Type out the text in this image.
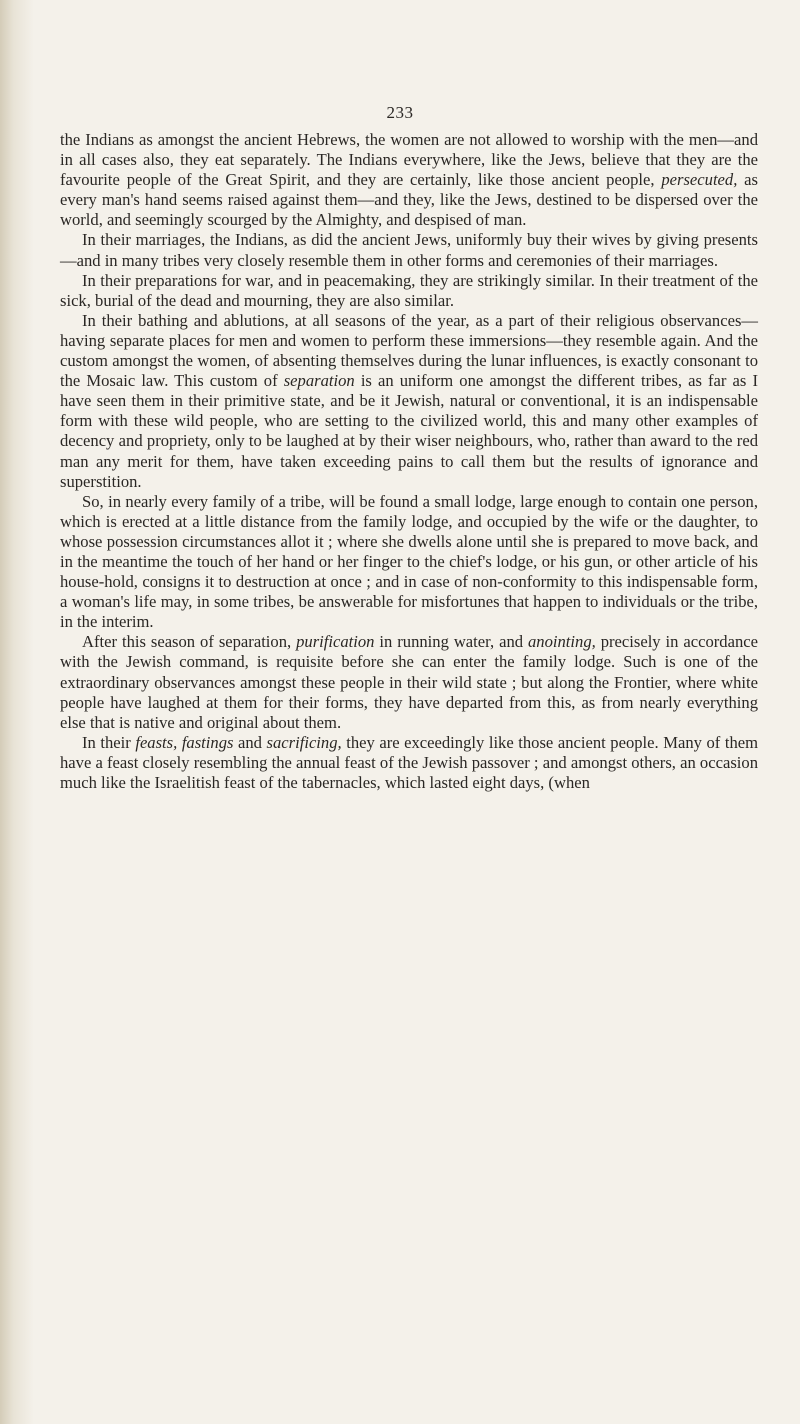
233

the Indians as amongst the ancient Hebrews, the women are not allowed to worship with the men—and in all cases also, they eat separately. The Indians everywhere, like the Jews, believe that they are the favourite people of the Great Spirit, and they are certainly, like those ancient people, persecuted, as every man's hand seems raised against them—and they, like the Jews, destined to be dispersed over the world, and seemingly scourged by the Almighty, and despised of man.

In their marriages, the Indians, as did the ancient Jews, uniformly buy their wives by giving presents—and in many tribes very closely resemble them in other forms and ceremonies of their marriages.

In their preparations for war, and in peacemaking, they are strikingly similar. In their treatment of the sick, burial of the dead and mourning, they are also similar.

In their bathing and ablutions, at all seasons of the year, as a part of their religious observances—having separate places for men and women to perform these immersions—they resemble again. And the custom amongst the women, of absenting themselves during the lunar influences, is exactly consonant to the Mosaic law. This custom of separation is an uniform one amongst the different tribes, as far as I have seen them in their primitive state, and be it Jewish, natural or conventional, it is an indispensable form with these wild people, who are setting to the civilized world, this and many other examples of decency and propriety, only to be laughed at by their wiser neighbours, who, rather than award to the red man any merit for them, have taken exceeding pains to call them but the results of ignorance and superstition.

So, in nearly every family of a tribe, will be found a small lodge, large enough to contain one person, which is erected at a little distance from the family lodge, and occupied by the wife or the daughter, to whose possession circumstances allot it ; where she dwells alone until she is prepared to move back, and in the meantime the touch of her hand or her finger to the chief's lodge, or his gun, or other article of his house-hold, consigns it to destruction at once ; and in case of non-conformity to this indispensable form, a woman's life may, in some tribes, be answerable for misfortunes that happen to individuals or the tribe, in the interim.

After this season of separation, purification in running water, and anointing, precisely in accordance with the Jewish command, is requisite before she can enter the family lodge. Such is one of the extraordinary observances amongst these people in their wild state ; but along the Frontier, where white people have laughed at them for their forms, they have departed from this, as from nearly everything else that is native and original about them.

In their feasts, fastings and sacrificing, they are exceedingly like those ancient people. Many of them have a feast closely resembling the annual feast of the Jewish passover ; and amongst others, an occasion much like the Israelitish feast of the tabernacles, which lasted eight days, (when
